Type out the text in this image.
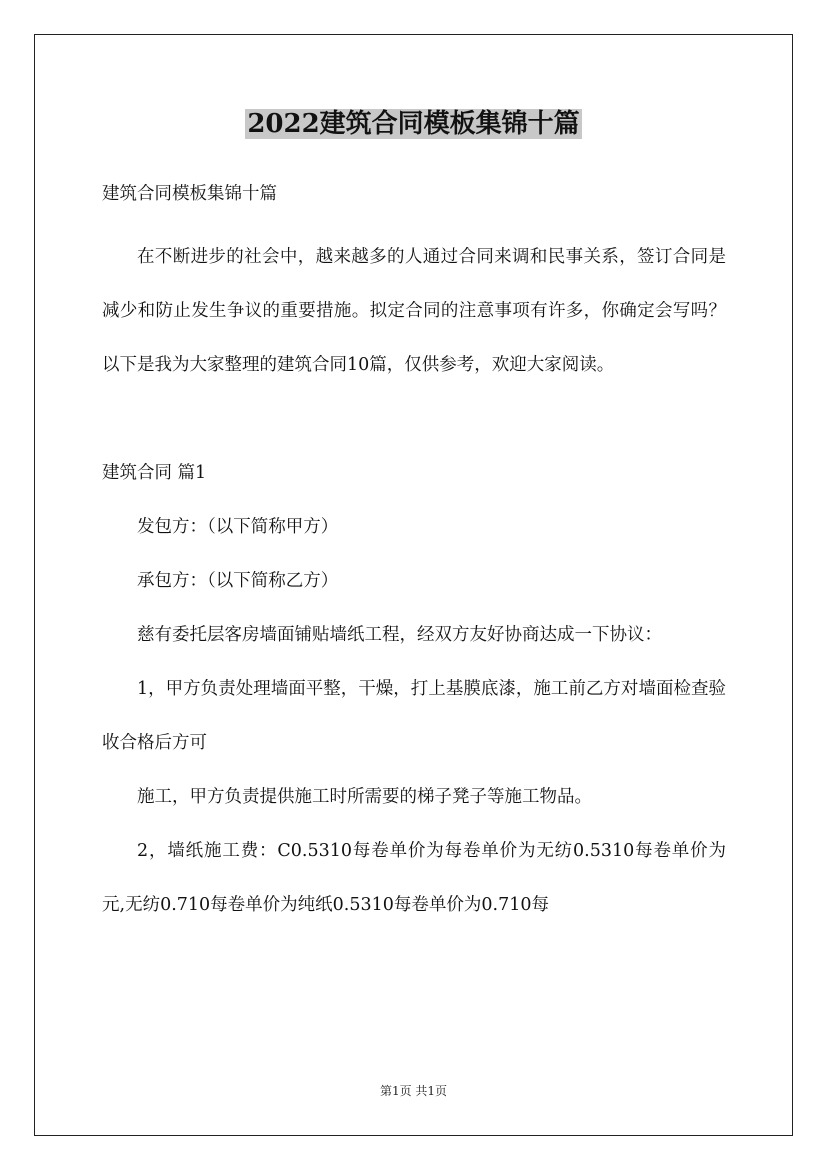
2022建筑合同模板集锦十篇

建筑合同模板集锦十篇

在不断进步的社会中，越来越多的人通过合同来调和民事关系，签订合同是减少和防止发生争议的重要措施。拟定合同的注意事项有许多，你确定会写吗？以下是我为大家整理的建筑合同10篇，仅供参考，欢迎大家阅读。

建筑合同 篇1

发包方：（以下简称甲方）

承包方：（以下简称乙方）

慈有委托层客房墙面铺贴墙纸工程，经双方友好协商达成一下协议：

1，甲方负责处理墙面平整，干燥，打上基膜底漆，施工前乙方对墙面检查验收合格后方可

施工，甲方负责提供施工时所需要的梯子凳子等施工物品。

2，墙纸施工费：C0.5310每卷单价为每卷单价为无纺0.5310每卷单价为元,无纺0.710每卷单价为纯纸0.5310每卷单价为0.710每

第1页 共1页
